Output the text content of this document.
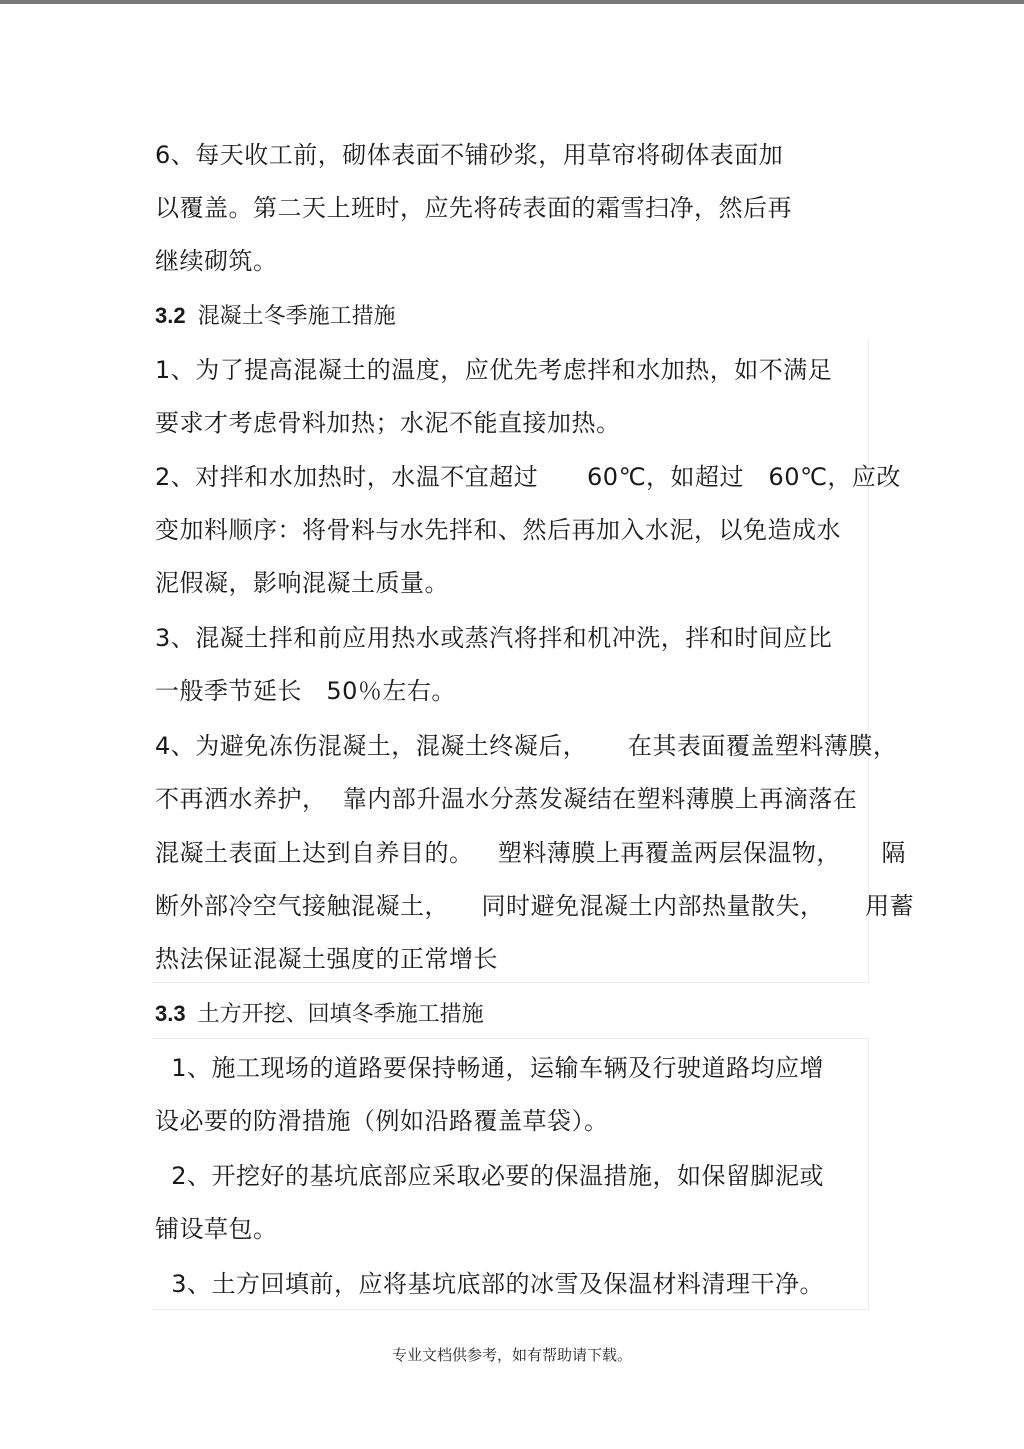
6、每天收工前，砌体表面不铺砂浆，用草帘将砌体表面加
以覆盖。第二天上班时，应先将砖表面的霜雪扫净，然后再
继续砌筑。
3.2 混凝土冬季施工措施
1、为了提高混凝土的温度，应优先考虑拌和水加热，如不满足
要求才考虑骨料加热；水泥不能直接加热。
2、对拌和水加热时，水温不宜超过      60℃，如超过   60℃，应改
变加料顺序：将骨料与水先拌和、然后再加入水泥，以免造成水
泥假凝，影响混凝土质量。
3、混凝土拌和前应用热水或蒸汽将拌和机冲洗，拌和时间应比
一般季节延长   50％左右。
4、为避免冻伤混凝土，混凝土终凝后，     在其表面覆盖塑料薄膜，
不再洒水养护，  靠内部升温水分蒸发凝结在塑料薄膜上再滴落在
混凝土表面上达到自养目的。   塑料薄膜上再覆盖两层保温物，     隔
断外部冷空气接触混凝土，    同时避免混凝土内部热量散失，     用蓄
热法保证混凝土强度的正常增长
3.3 土方开挖、回填冬季施工措施
1、施工现场的道路要保持畅通，运输车辆及行驶道路均应增
设必要的防滑措施（例如沿路覆盖草袋）。
2、开挖好的基坑底部应采取必要的保温措施，如保留脚泥或
铺设草包。
3、土方回填前，应将基坑底部的冰雪及保温材料清理干净。
专业文档供参考，如有帮助请下载。
